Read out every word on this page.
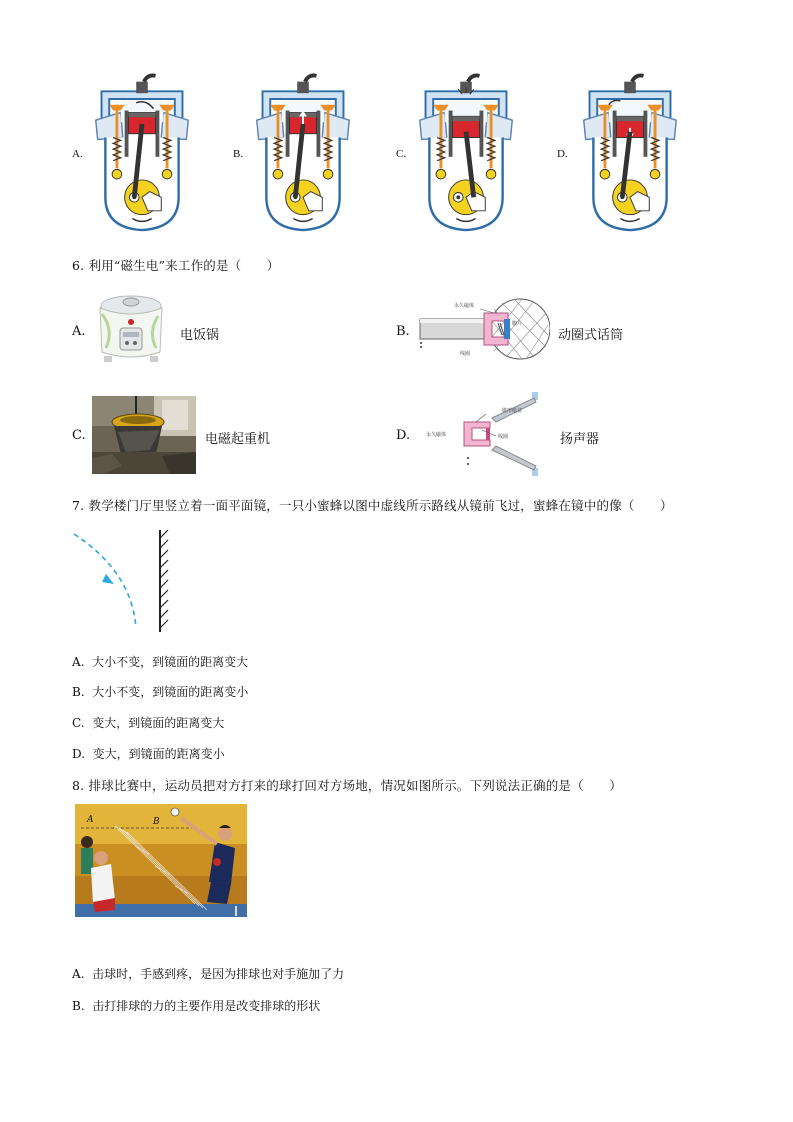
A.	B.	C.	D.
6. 利用“磁生电”来工作的是（　　）
A.	电饭锅	B.
永久磁体
膜片
线圈
动圈式话筒
C.	电磁起重机	D.	永久磁体	线圈
锥形纸盆
扬声器
7. 教学楼门厅里竖立着一面平面镜，一只小蜜蜂以图中虚线所示路线从镜前飞过，蜜蜂在镜中的像（　　）
A. 大小不变，到镜面的距离变大
B. 大小不变，到镜面的距离变小
C. 变大，到镜面的距离变大
D. 变大，到镜面的距离变小
8. 排球比赛中，运动员把对方打来的球打回对方场地，情况如图所示。下列说法正确的是（　　）
A	B
A. 击球时，手感到疼，是因为排球也对手施加了力
B. 击打排球的力的主要作用是改变排球的形状
